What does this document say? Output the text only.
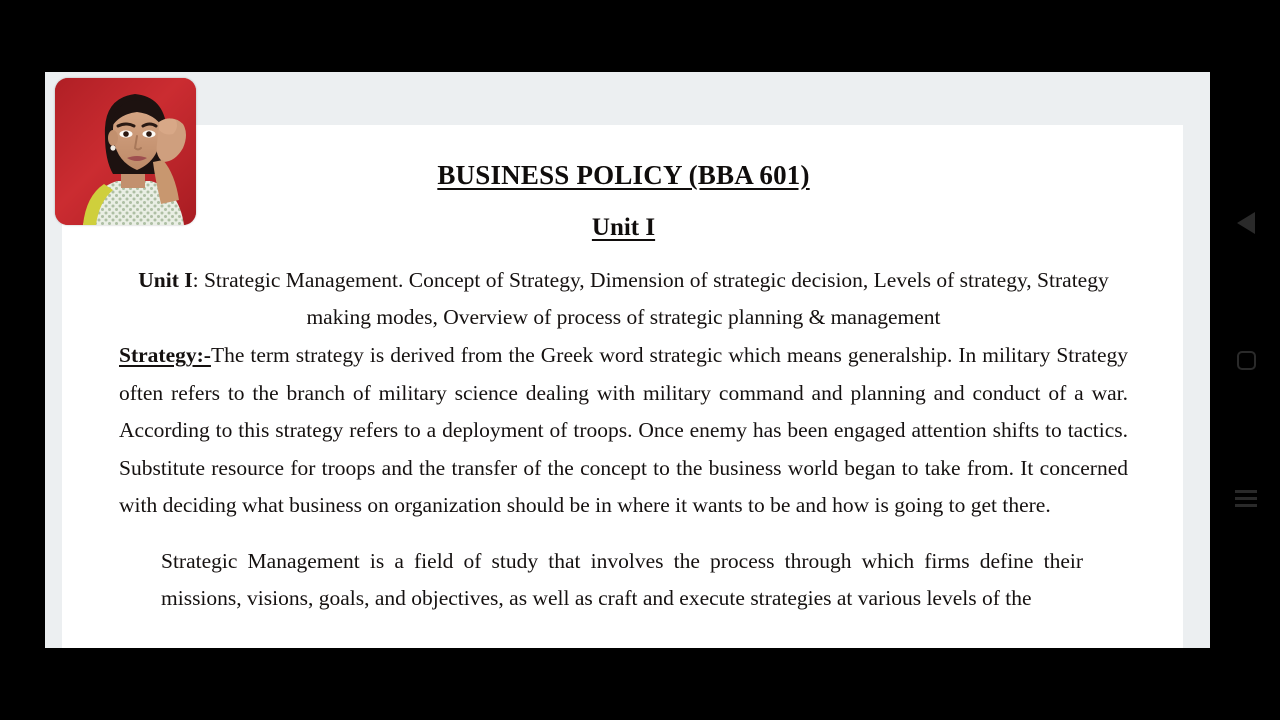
BUSINESS POLICY (BBA 601)
Unit I
Unit I: Strategic Management. Concept of Strategy, Dimension of strategic decision, Levels of strategy, Strategy making modes, Overview of process of strategic planning & management
Strategy:-The term strategy is derived from the Greek word strategic which means generalship. In military Strategy often refers to the branch of military science dealing with military command and planning and conduct of a war. According to this strategy refers to a deployment of troops. Once enemy has been engaged attention shifts to tactics. Substitute resource for troops and the transfer of the concept to the business world began to take from. It concerned with deciding what business on organization should be in where it wants to be and how is going to get there.
Strategic Management is a field of study that involves the process through which firms define their missions, visions, goals, and objectives, as well as craft and execute strategies at various levels of the
